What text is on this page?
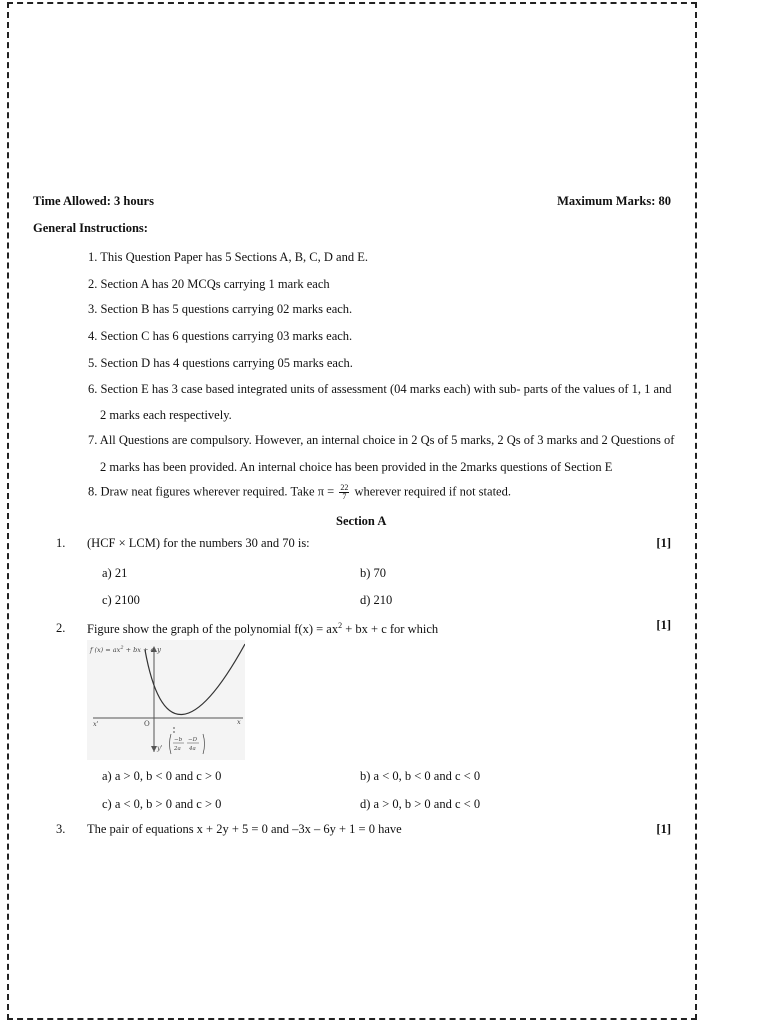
Time Allowed: 3 hours	Maximum Marks: 80
General Instructions:
1. This Question Paper has 5 Sections A, B, C, D and E.
2. Section A has 20 MCQs carrying 1 mark each
3. Section B has 5 questions carrying 02 marks each.
4. Section C has 6 questions carrying 03 marks each.
5. Section D has 4 questions carrying 05 marks each.
6. Section E has 3 case based integrated units of assessment (04 marks each) with sub- parts of the values of 1, 1 and
2 marks each respectively.
7. All Questions are compulsory. However, an internal choice in 2 Qs of 5 marks, 2 Qs of 3 marks and 2 Questions of
2 marks has been provided. An internal choice has been provided in the 2marks questions of Section E
8. Draw neat figures wherever required. Take $\pi = \frac{22}{7}$ wherever required if not stated.
Section A
1. (HCF × LCM) for the numbers 30 and 70 is:	[1]
a) 21	b) 70
c) 2100	d) 210
2. Figure show the graph of the polynomial $f(x) = ax^2$ + bx + c for which	[1]
f $(x) = ax^2$ + bx + c y
x'	x
O
y'
−b
2a
−D
4a
a) a > 0, b < 0 and c > 0	b) a < 0, b < 0 and c < 0
c) a < 0, b > 0 and c > 0	d) a > 0, b > 0 and c < 0
3. The pair of equations x + 2y + 5 = 0 and –3x – 6y + 1 = 0 have	[1]
